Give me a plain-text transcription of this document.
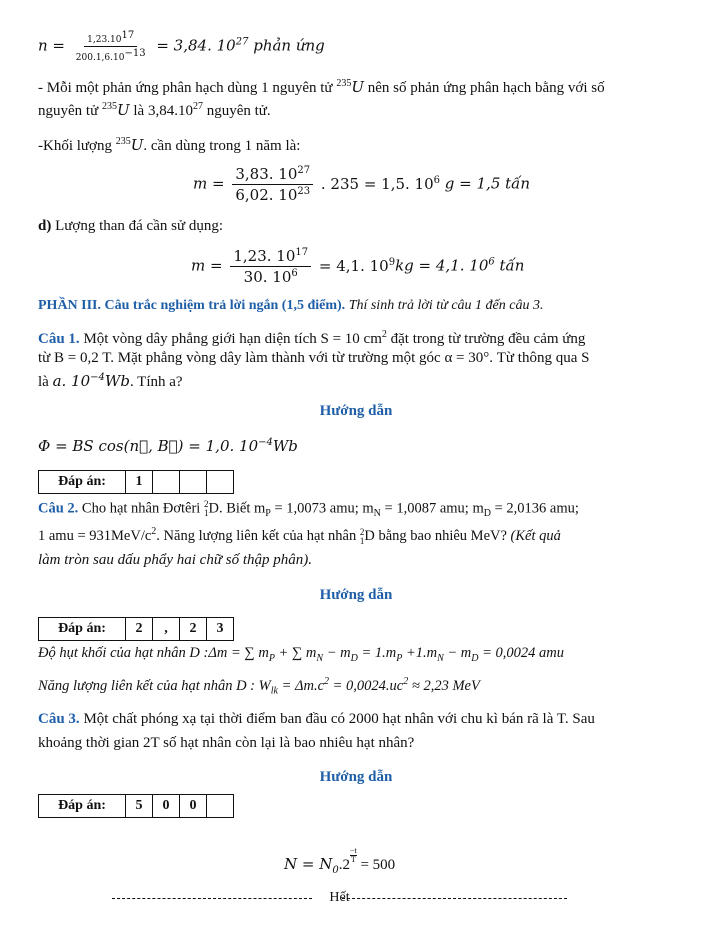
$n = \frac{1,23.10^{17}}{200.1,6.10^{-13}} = 3,84$. $10^{27}$ phản ứng
- Mỗi một phản ứng phân hạch dùng 1 nguyên tử $^{235}$U nên số phản ứng phân hạch bằng với số
nguyên tử $^{235}$U là 3,84.10$^{27}$ nguyên tử.
-Khối lượng $^{235}$U. cần dùng trong 1 năm là:
$m = \frac{3,83. 10^{27}}{6,02. 10^{23}}$ . 235 = 1,5. $10^6$ g = 1,5 tấn
d) Lượng than đá cần sử dụng:
$m = \frac{1,23. 10^{17}}{30. 10^6} = 4,1$. $10^9kg = 4,1$. $10^6$ tấn
PHẦN III. Câu trắc nghiệm trả lời ngắn (1,5 điểm). Thí sinh trả lời từ câu 1 đến câu 3.
Câu 1. Một vòng dây phẳng giới hạn diện tích S = 10 $cm^2$ đặt trong từ trường đều cảm ứng
từ B = 0,2 T. Mặt phẳng vòng dây làm thành với từ trường một góc α = 30°. Từ thông qua S
là a. $10^{-4}Wb$. Tính a?
Hướng dẫn
Φ = BS cos(n⃗, B⃗) = 1,0. $10^{-4}Wb$
Đáp án:	1			
Câu 2. Cho hạt nhân Đơtêri 2
1 D. Biết $m_P = 1,0073$ amu; $m_N = 1,0087$ amu; $m_D = 2,0136$ amu;
1 amu = $931MeV/c^2$. Năng lượng liên kết của hạt nhân 2
1 D bằng bao nhiêu MeV? (Kết quả
làm tròn sau dấu phẩy hai chữ số thập phân).
Hướng dẫn
Đáp án:	2	,	2	3
Độ hụt khối của hạt nhân D :Δm = ∑ $m_P$ + ∑ $m_N - m_D = 1.m_P +1.m_N - m_D = 0,0024$ amu
Năng lượng liên kết của hạt nhân D : $W_{lk} = \Delta m.c^2 = 0,0024.uc^2 \approx 2,23$ MeV
Câu 3. Một chất phóng xạ tại thời điểm ban đầu có 2000 hạt nhân với chu kì bán rã là T. Sau
khoảng thời gian 2T số hạt nhân còn lại là bao nhiêu hạt nhân?
Hướng dẫn
Đáp án:	5	0	0	
$N = N_0.2$
$\frac{-t}{T}$
= 500
Hết
